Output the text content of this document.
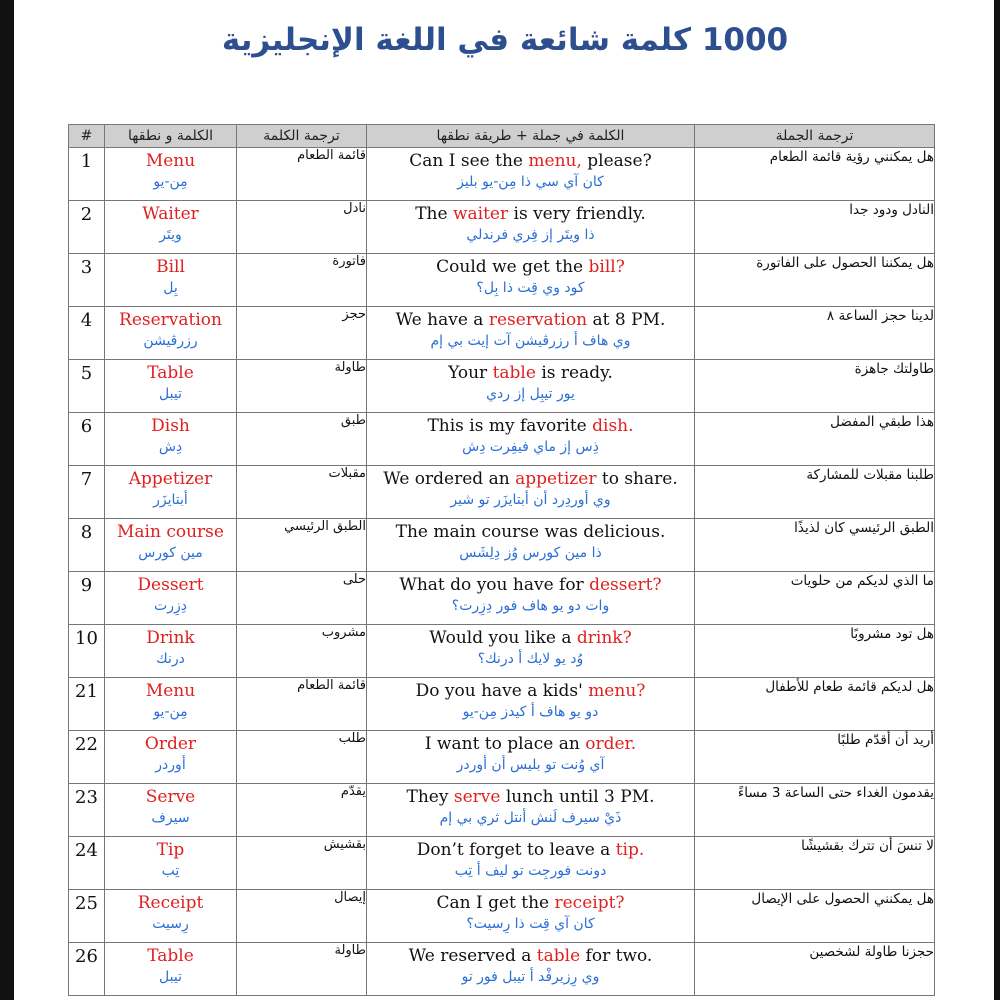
1000 كلمة شائعة في اللغة الإنجليزية
#	الكلمة و نطقها	ترجمة الكلمة	الكلمة في جملة + طريقة نطقها	ترجمة الجملة
1	Menu
مِن-يو	قائمة الطعام	Can I see the menu, please?
كان آي سي ذا مِن-يو بليز	هل يمكنني رؤية قائمة الطعام
2	Waiter
ويتَر	نادل	The waiter is very friendly.
ذا ويتَر إز فِري فرندلي	النادل ودود جدا
3	Bill
بِل	فاتورة	Could we get the bill?
كود وي قِت ذا بِل؟	هل يمكننا الحصول على الفاتورة
4	Reservation
رزرڤيشن	حجز	We have a reservation at 8 PM.
وي هاف أ رزرڤيشن آت إيت بي إم	لدينا حجز الساعة ٨
5	Table
تيبل	طاولة	Your table is ready.
يور تيبِل إز ردي	طاولتك جاهزة
6	Dish
دِش	طبق	This is my favorite dish.
ذِس إز ماي فيفِرت دِش	هذا طبقي المفضل
7	Appetizer
أبتايزَر	مقبلات	We ordered an appetizer to share.
وي أوردِرد أن أبتايزَر تو شير	طلبنا مقبلات للمشاركة
8	Main course
مين كورس	الطبق الرئيسي	The main course was delicious.
ذا مين كورس وُز دِلِشَس	الطبق الرئيسي كان لذيذًا
9	Dessert
دِزِرت	حلى	What do you have for dessert?
وات دو يو هاف فور دِزِرت؟	ما الذي لديكم من حلويات
10	Drink
درنك	مشروب	Would you like a drink?
وُد يو لايك أ درنك؟	هل تود مشروبًا
21	Menu
مِن-يو	قائمة الطعام	Do you have a kids' menu?
دو يو هاف أ كيدز مِن-يو	هل لديكم قائمة طعام للأطفال
22	Order
أوردر	طلب	I want to place an order.
آي وُنت تو بليس أن أوردر	أريد أن أقدّم طلبًا
23	Serve
سيرف	يقدّم	They serve lunch until 3 PM.
ذَيْ سيرف لَنش أنتل ثري بي إم	يقدمون الغداء حتى الساعة 3 مساءً
24	Tip
تِب	بقشيش	Don’t forget to leave a tip.
دونت فورجِت تو ليف أ تِب	لا تنسَ أن تترك بقشيشًا
25	Receipt
رِسيت	إيصال	Can I get the receipt?
كان آي قِت ذا رِسيت؟	هل يمكنني الحصول على الإيصال
26	Table
تيبل	طاولة	We reserved a table for two.
وي رِزيرفْد أ تيبل فور تو	حجزنا طاولة لشخصين
